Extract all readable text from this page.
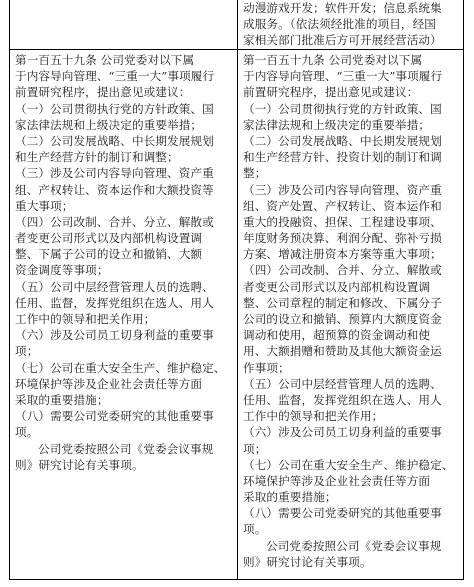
动漫游戏开发；软件开发；信息系统集
成服务。（依法须经批准的项目，经国
家相关部门批准后方可开展经营活动）
第一百五十九条 公司党委对以下属
于内容导向管理、“三重一大”事项履行
前置研究程序，提出意见或建议：
（一）公司贯彻执行党的方针政策、国
家法律法规和上级决定的重要举措；
（二）公司发展战略、中长期发展规划
和生产经营方针的制订和调整；
（三）涉及公司内容导向管理、资产重
组、产权转让、资本运作和大额投资等
重大事项；
（四）公司改制、合并、分立、解散或
者变更公司形式以及内部机构设置调
整、下属子公司的设立和撤销、大额
资金调度等事项；
（五）公司中层经营管理人员的选聘、
任用、监督，发挥党组织在选人、用人
工作中的领导和把关作用；
（六）涉及公司员工切身利益的重要事
项；
（七）公司在重大安全生产、维护稳定、
环境保护等涉及企业社会责任等方面
采取的重要措施；
（八）需要公司党委研究的其他重要事
项。
公司党委按照公司《党委会议事规
则》研究讨论有关事项。
第一百五十九条 公司党委对以下属
于内容导向管理、“三重一大”事项履行
前置研究程序，提出意见或建议：
（一）公司贯彻执行党的方针政策、国
家法律法规和上级决定的重要举措；
（二）公司发展战略、中长期发展规划
和生产经营方针、投资计划的制订和调
整；
（三）涉及公司内容导向管理、资产重
组、资产处置、产权转让、资本运作和
重大的投融资、担保、工程建设事项、
年度财务预决算、利润分配、弥补亏损
方案、增减注册资本方案等重大事项；
（四）公司改制、合并、分立、解散或
者变更公司形式以及内部机构设置调
整、公司章程的制定和修改、下属分子
公司的设立和撤销、预算内大额度资金
调动和使用，超预算的资金调动和使
用、大额捐赠和赞助及其他大额资金运
作事项；
（五）公司中层经营管理人员的选聘、
任用、监督，发挥党组织在选人、用人
工作中的领导和把关作用；
（六）涉及公司员工切身利益的重要事
项；
（七）公司在重大安全生产、维护稳定、
环境保护等涉及企业社会责任等方面
采取的重要措施；
（八）需要公司党委研究的其他重要事
项。
公司党委按照公司《党委会议事规
则》研究讨论有关事项。
